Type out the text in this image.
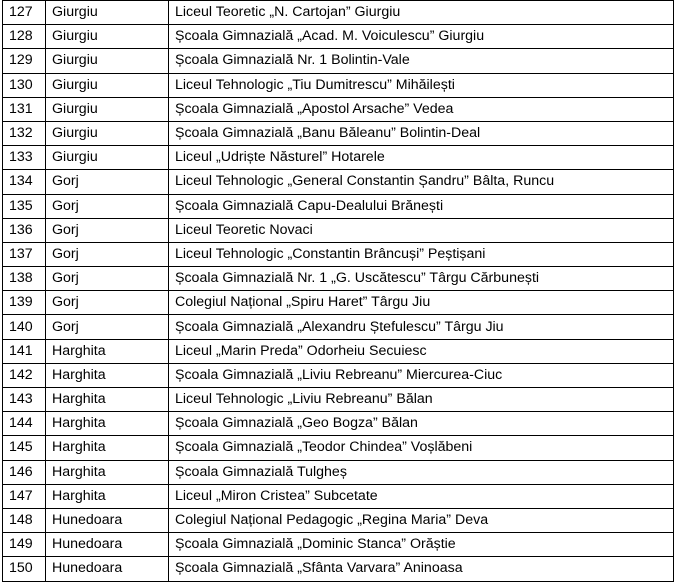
127	Giurgiu	Liceul Teoretic „N. Cartojan” Giurgiu
128	Giurgiu	Școala Gimnazială „Acad. M. Voiculescu” Giurgiu
129	Giurgiu	Școala Gimnazială Nr. 1 Bolintin-Vale
130	Giurgiu	Liceul Tehnologic „Tiu Dumitrescu” Mihăilești
131	Giurgiu	Școala Gimnazială „Apostol Arsache” Vedea
132	Giurgiu	Școala Gimnazială „Banu Băleanu” Bolintin-Deal
133	Giurgiu	Liceul „Udriște Năsturel” Hotarele
134	Gorj	Liceul Tehnologic „General Constantin Șandru” Bâlta, Runcu
135	Gorj	Școala Gimnazială Capu-Dealului Brănești
136	Gorj	Liceul Teoretic Novaci
137	Gorj	Liceul Tehnologic „Constantin Brâncuși” Peștișani
138	Gorj	Școala Gimnazială Nr. 1 „G. Uscătescu” Târgu Cărbunești
139	Gorj	Colegiul Național „Spiru Haret” Târgu Jiu
140	Gorj	Școala Gimnazială „Alexandru Ștefulescu” Târgu Jiu
141	Harghita	Liceul „Marin Preda” Odorheiu Secuiesc
142	Harghita	Școala Gimnazială „Liviu Rebreanu” Miercurea-Ciuc
143	Harghita	Liceul Tehnologic „Liviu Rebreanu” Bălan
144	Harghita	Școala Gimnazială „Geo Bogza” Bălan
145	Harghita	Școala Gimnazială „Teodor Chindea” Voșlăbeni
146	Harghita	Școala Gimnazială Tulgheș
147	Harghita	Liceul „Miron Cristea” Subcetate
148	Hunedoara	Colegiul Național Pedagogic „Regina Maria” Deva
149	Hunedoara	Școala Gimnazială „Dominic Stanca” Orăștie
150	Hunedoara	Școala Gimnazială „Sfânta Varvara” Aninoasa
